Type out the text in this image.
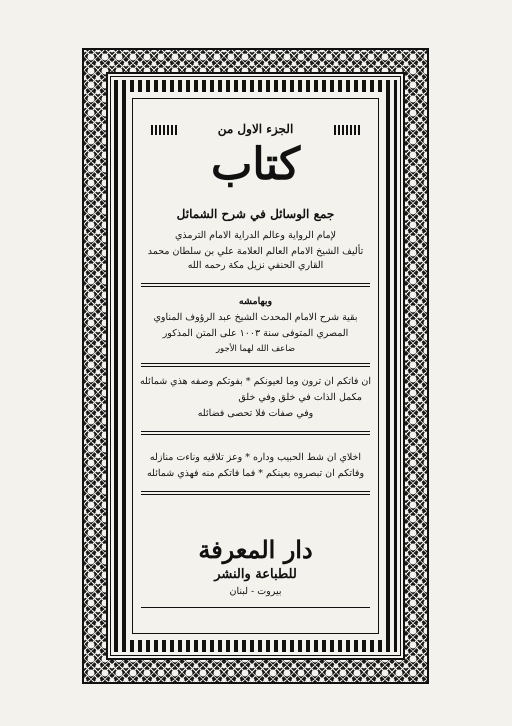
الجزء الاول من
كتاب
جمع الوسائل في شرح الشمائل
لإمام الرواية وعالم الدراية الامام الترمذي
تأليف الشيخ الامام العالم العلامة علي بن سلطان محمد
القاري الحنفي نزيل مكة رحمه الله
وبهامشه
بقية شرح الامام المحدث الشيخ عبد الرؤوف المناوي
المصري المتوفى سنة ١٠٠٣ على المتن المذكور
ضاعف الله لهما الأجور
ان فاتكم ان ترون وما لعيونكم * بفوتكم وصفه هذي شمائله
مكمل الذات في خلق وفي خلق
وفي صفات فلا تحصى فضائله
اخلاي ان شط الحبيب وداره * وعز تلاقيه وناءت منازله
وفاتكم ان تبصروه بعينكم * فما فاتكم منه فهذي شمائله
دار المعرفة
للطباعة والنشر
بيروت - لبنان
